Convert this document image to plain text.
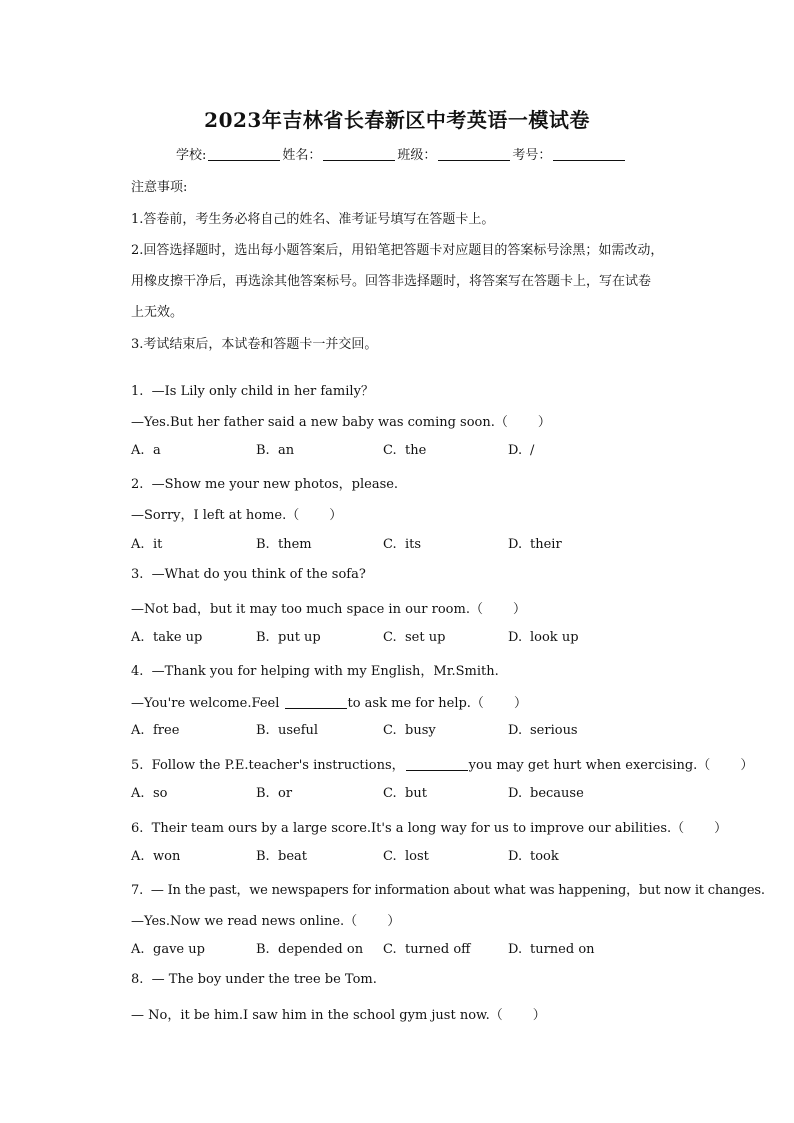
2023年吉林省长春新区中考英语一模试卷
学校:	姓名：	班级：	考号：
注意事项:
1.答卷前，考生务必将自己的姓名、准考证号填写在答题卡上。
2.回答选择题时，选出每小题答案后，用铅笔把答题卡对应题目的答案标号涂黑；如需改动，
用橡皮擦干净后，再选涂其他答案标号。回答非选择题时，将答案写在答题卡上，写在试卷
上无效。
3.考试结束后，本试卷和答题卡一并交回。
1. —Is Lily only child in her family？
—Yes.But her father said a new baby was coming soon.（ ）
A. a	B. an	C. the	D. /
2. —Show me your new photos，please.
—Sorry，I left at home.（ ）
A. it	B. them	C. its	D. their
3. —What do you think of the sofa?
—Not bad，but it may too much space in our room.（ ）
A. take up	B. put up	C. set up	D. look up
4. —Thank you for helping with my English，Mr.Smith.
—You're welcome.Feel	to ask me for help.（ ）
A. free	B. useful	C. busy	D. serious
5. Follow the P.E.teacher's instructions，	you may get hurt when exercising.（ ）
A. so	B. or	C. but	D. because
6. Their team ours by a large score.It's a long way for us to improve our abilities.（ ）
A. won	B. beat	C. lost	D. took
7. — In the past，we newspapers for information about what was happening，but now it changes.
—Yes.Now we read news online.（ ）
A. gave up	B. depended on C. turned off	D. turned on
8. — The boy under the tree be Tom.
— No，it be him.I saw him in the school gym just now.（ ）
